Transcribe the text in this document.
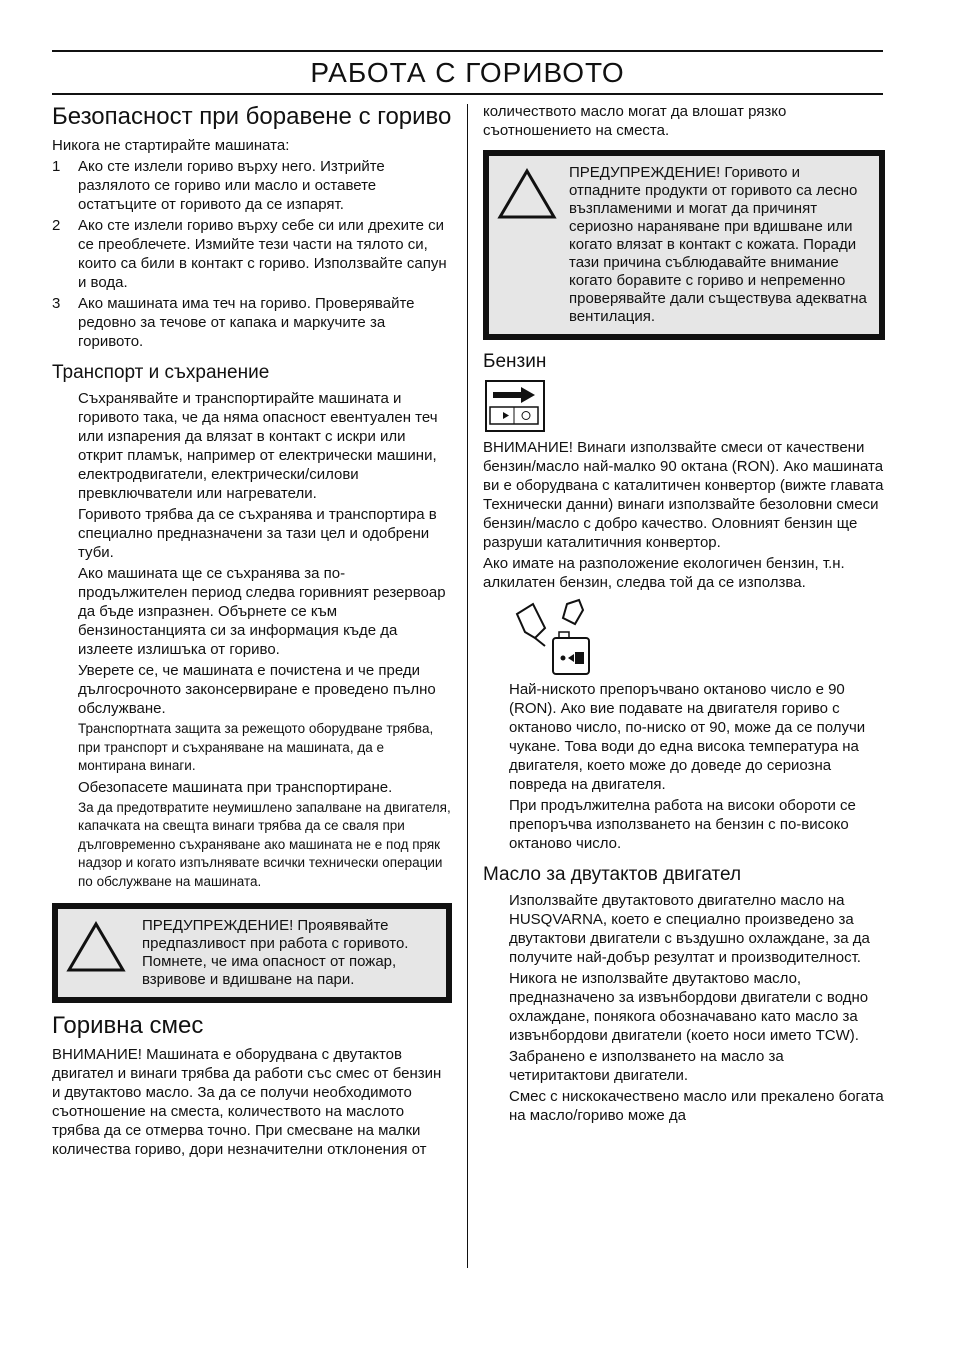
РАБОТА С ГОРИВОТО
Безопасност при боравене с гориво

Никога не стартирайте машината:

1 Ако сте излели гориво върху него. Изтрийте разлялото се гориво или масло и оставете остатъците от горивото да се изпарят.
2 Ако сте излели гориво върху себе си или дрехите си се преоблечете. Измийте тези части на тялото си, които са били в контакт с горивo. Използвайте сапун и вода.
3 Ако машината има теч на гориво. Проверявайте редовно за течове от капака и маркучите за горивото.
Транспорт и съхранение

Съхранявайте и транспортирайте машината и горивото така, че да няма опасност евентуален теч или изпарения да влязат в контакт с искри или открит пламък, например от електрически машини, електродвигатели, електрически/силови превключватели или нагреватели.

Горивото трябва да се съхранява и транспортира в специално предназначени за тази цел и одобрени туби.

Ако машината ще се съхранява за по-продължителен период следва горивният резервоар да бъде изпразнен. Обърнете се към бензиностанцията си за информация къде да излеете излишъка от гориво.

Уверете се, че машината е почистена и че преди дългосрочното законсервиране е проведено пълно обслужване.

Транспортната защита за режещото оборудване трябва, при транспорт и съхраняване на машината, да е монтирана винаги.

Обезопасете машината при транспортиране.

За да предотвратите неумишлено запалване на двигателя, капачката на свещта винаги трябва да се сваля при дълговременно съхраняване ако машината не е под пряк надзор и когато изпълнявате всички технически операции по обслужване на машината.

ПРЕДУПРЕЖДЕНИЕ! Проявявайте предпазливост при работа с горивото. Помнете, че има опасност от пожар, взривове и вдишване на пари.
Горивна смес

ВНИМАНИЕ! Машината е оборудвана с двутактов двигател и винаги трябва да работи със смес от бензин и двутактово масло. За да се получи необходимото съотношение на сместа, количеството на маслото трябва да се отмерва точно. При смесване на малки количества гориво, дори незначителни отклонения от

количеството масло могат да влошат рязко съотношението на сместа.

ПРЕДУПРЕЖДЕНИЕ! Горивото и отпадните продукти от горивото са лесно възпламеними и могат да причинят сериозно нараняване при вдишване или когато влязат в контакт с кожата. Поради тази причина съблюдавайте внимание когато боравите с гориво и непременно проверявайте дали съществува адекватна вентилация.
Бензин

ВНИМАНИЕ! Винаги използвайте смеси от качествени бензин/масло най-малко 90 октана (RON). Ако машината ви е оборудвана с каталитичен конвертор (вижте главата Технически данни) винаги използвайте безоловни смеси бензин/масло с добро качество. Оловният бензин ще разруши каталитичния конвертор.

Ако имате на разположение екологичен бензин, т.н. алкилатен бензин, следва той да се използва.

Най-ниското препоръчвано октаново число е 90 (RON). Ако вие подавате на двигателя гориво с октаново число, по-ниско от 90, може да се получи чукане. Това води до една висока температура на двигателя, което може до доведе до сериозна повреда на двигателя.

При продължителна работа на високи обороти се препоръчва използването на бензин с по-високо октаново число.

Масло за двутактов двигател

Използвайте двутактовото двигателно масло на HUSQVARNA, което е специално произведено за двутактови двигатели с въздушно охлаждане, за да получите най-добър резултат и производителност.

Никога не използвайте двутактово масло, предназначено за извънбордови двигатели с водно охлаждане, понякога обозначавано като масло за извънбордови двигатели (което носи името TCW).

Забранено е използването на масло за четиритактови двигатели.

Смес с нискокачествено масло или прекалено богата на масло/гориво може да
